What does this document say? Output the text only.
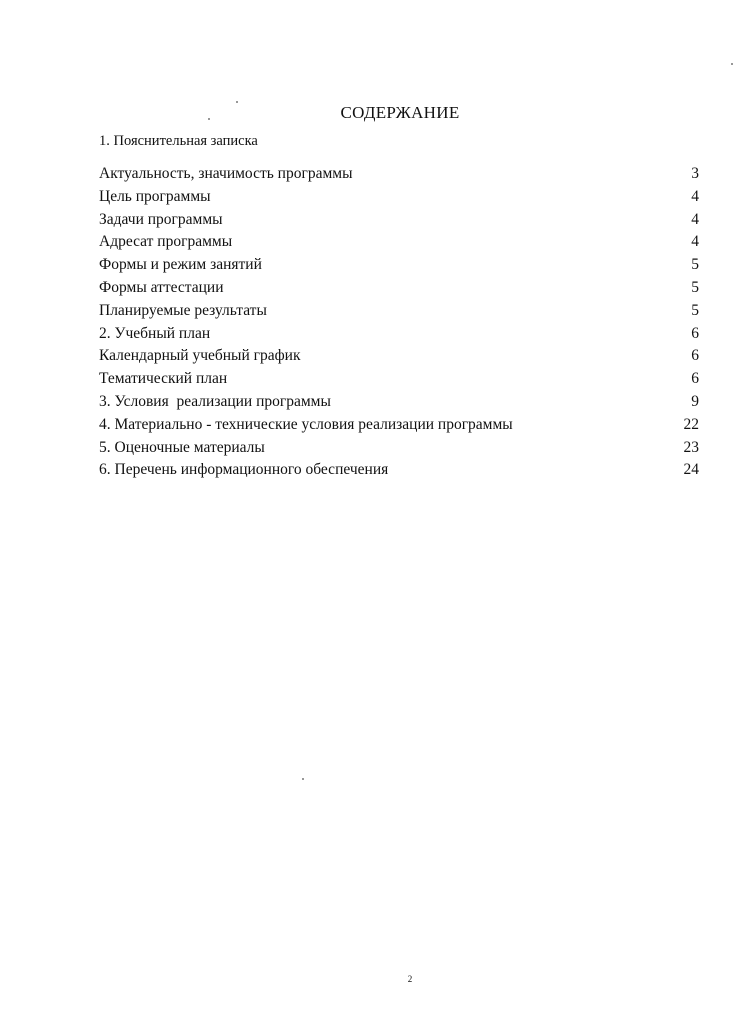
СОДЕРЖАНИЕ

1. Пояснительная записка

Актуальность, значимость программы	3
Цель программы	4
Задачи программы	4
Адресат программы	4
Формы и режим занятий	5
Формы аттестации	5
Планируемые результаты	5
2. Учебный план	6
Календарный учебный график	6
Тематический план	6
3. Условия  реализации программы	9
4. Материально - технические условия реализации программы	22
5. Оценочные материалы	23
6. Перечень информационного обеспечения	24
2
